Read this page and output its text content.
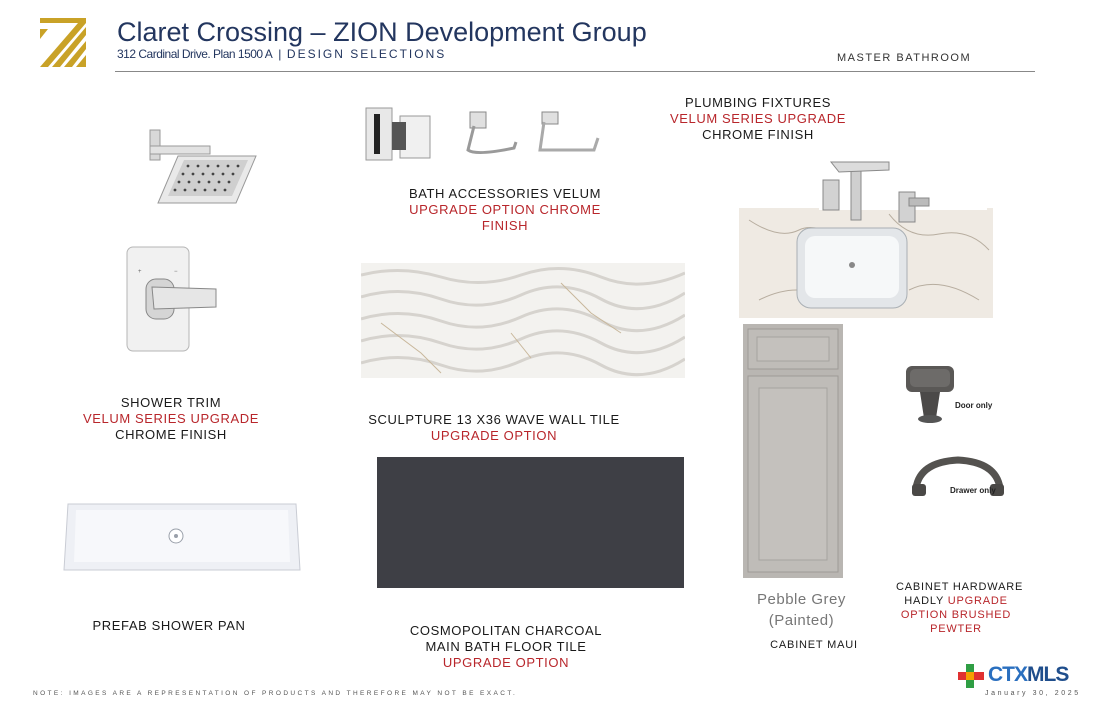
Claret Crossing – ZION Development Group
312 Cardinal Drive. Plan 1500 A | DESIGN SELECTIONS	MASTER BATHROOM
+	−
BATH ACCESSORIES VELUM
UPGRADE OPTION CHROME
FINISH
PLUMBING FIXTURES
VELUM SERIES UPGRADE
CHROME FINISH
SHOWER TRIM
VELUM SERIES UPGRADE
CHROME FINISH
SCULPTURE 13 X36 WAVE WALL TILE
UPGRADE OPTION
Door only
Drawer only
PREFAB SHOWER PAN	COSMOPOLITAN CHARCOAL
MAIN BATH FLOOR TILE
UPGRADE OPTION
Pebble Grey
(Painted)
CABINET MAUI
CABINET HARDWARE
HADLY UPGRADE
OPTION BRUSHED
PEWTER
NOTE: IMAGES ARE A REPRESENTATION OF PRODUCTS AND THEREFORE MAY NOT BE EXACT.
CTXMLS
January 30, 2025
